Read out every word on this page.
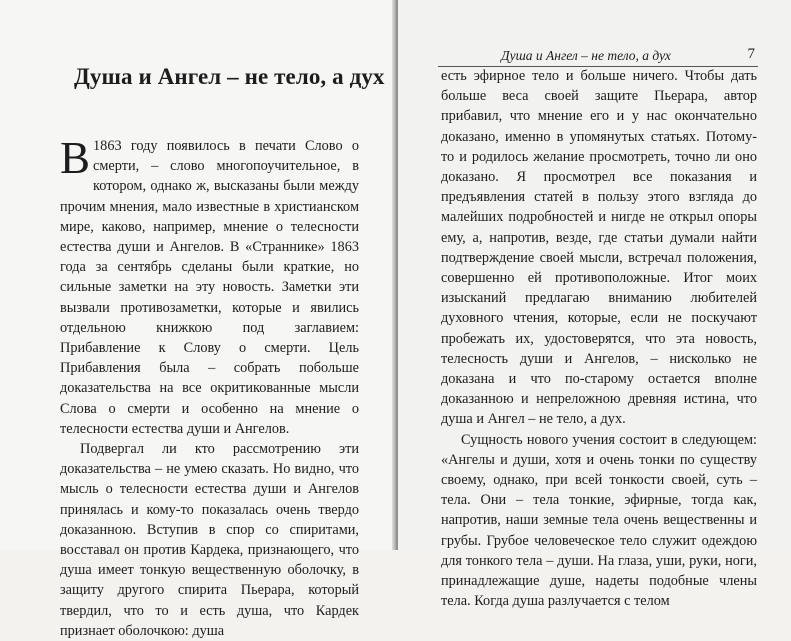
Душа и Ангел – не тело, а дух

В 1863 году появилось в печати Слово о смерти, – слово многопоучительное, в котором, однако ж, высказаны были между прочим мнения, мало известные в христианском мире, каково, например, мнение о телесности естества души и Ангелов. В «Страннике» 1863 года за сентябрь сделаны были краткие, но сильные заметки на эту новость. Заметки эти вызвали противозаметки, которые и явились отдельною книжкою под заглавием: Прибавление к Слову о смерти. Цель Прибавления была – собрать побольше доказательства на все окритикованные мысли Слова о смерти и особенно на мнение о телесности естества души и Ангелов.

Подвергал ли кто рассмотрению эти доказательства – не умею сказать. Но видно, что мысль о телесности естества души и Ангелов принялась и кому-то показалась очень твердо доказанною. Вступив в спор со спиритами, восставал он против Кардека, признающего, что душа имеет тонкую вещественную оболочку, в защиту другого спирита Пьерара, который твердил, что то и есть душа, что Кардек признает оболочкою: душа

Душа и Ангел – не тело, а дух	7

есть эфирное тело и больше ничего. Чтобы дать больше веса своей защите Пьерара, автор прибавил, что мнение его и у нас окончательно доказано, именно в упомянутых статьях. Потому-то и родилось желание просмотреть, точно ли оно доказано. Я просмотрел все показания и предъявления статей в пользу этого взгляда до малейших подробностей и нигде не открыл опоры ему, а, напротив, везде, где статьи думали найти подтверждение своей мысли, встречал положения, совершенно ей противоположные. Итог моих изысканий предлагаю вниманию любителей духовного чтения, которые, если не поскучают пробежать их, удостоверятся, что эта новость, телесность души и Ангелов, – нисколько не доказана и что по-старому остается вполне доказанною и непреложною древняя истина, что душа и Ангел – не тело, а дух.

Сущность нового учения состоит в следующем: «Ангелы и души, хотя и очень тонки по существу своему, однако, при всей тонкости своей, суть – тела. Они – тела тонкие, эфирные, тогда как, напротив, наши земные тела очень вещественны и грубы. Грубое человеческое тело служит одеждою для тонкого тела – души. На глаза, уши, руки, ноги, принадлежащие душе, надеты подобные члены тела. Когда душа разлучается с телом
